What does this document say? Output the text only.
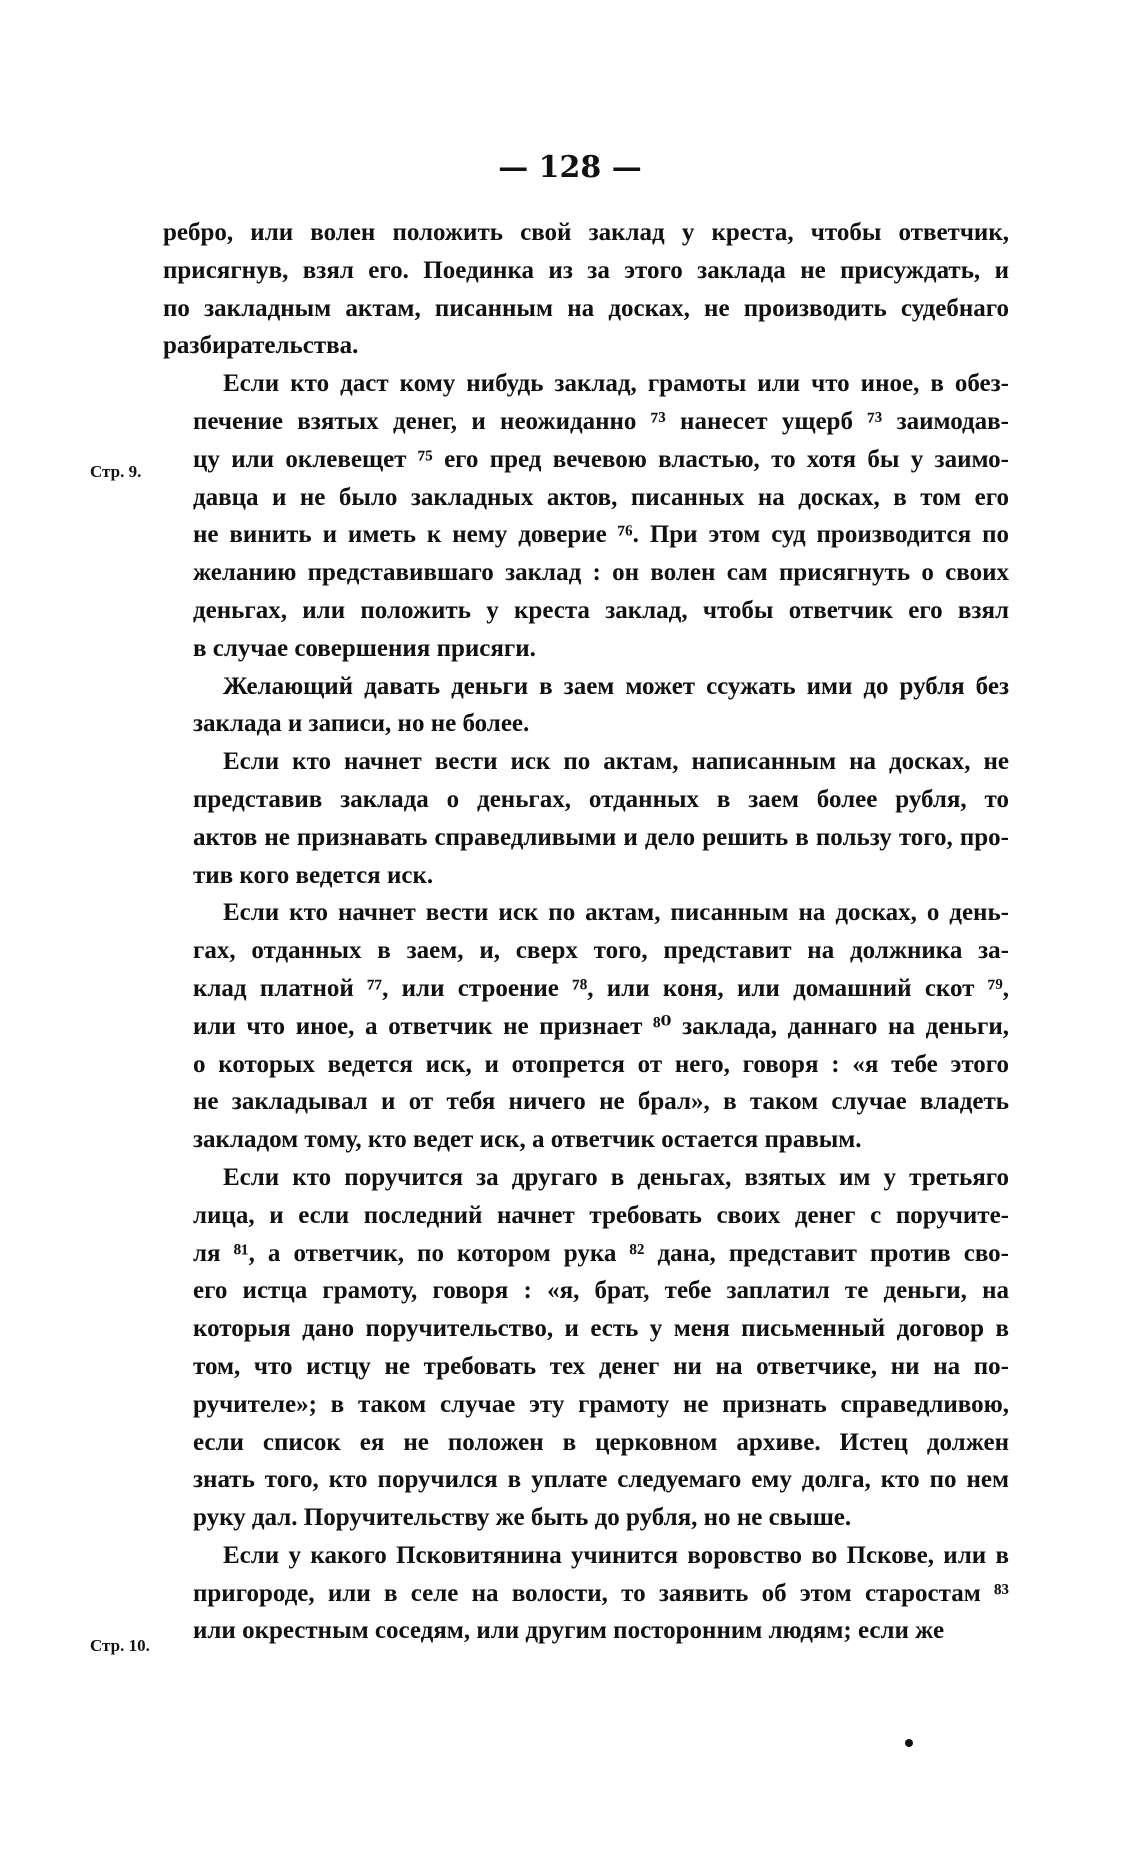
— 128 —
Стр. 9.
Стр. 10.
ребро, или волен положить свой заклад у креста, чтобы ответчик,
присягнув, взял его. Поединка из за этого заклада не присуждать, и
по закладным актам, писанным на досках, не производить судебнаго
разбирательства.
Если кто даст кому нибудь заклад, грамоты или что иное, в обез-
печение взятых денег, и неожиданно ⁷³ нанесет ущерб ⁷³ заимодав-
цу или оклевещет ⁷⁵ его пред вечевою властью, то хотя бы у заимо-
давца и не было закладных актов, писанных на досках, в том его
не винить и иметь к нему доверие ⁷⁶. При этом суд производится по
желанию представившаго заклад : он волен сам присягнуть о своих
деньгах, или положить у креста заклад, чтобы ответчик его взял
в случае совершения присяги.
Желающий давать деньги в заем может ссужать ими до рубля без
заклада и записи, но не более.
Если кто начнет вести иск по актам, написанным на досках, не
представив заклада о деньгах, отданных в заем более рубля, то
актов не признавать справедливыми и дело решить в пользу того, про-
тив кого ведется иск.
Если кто начнет вести иск по актам, писанным на досках, о день-
гах, отданных в заем, и, сверх того, представит на должника за-
клад платной ⁷⁷, или строение ⁷⁸, или коня, или домашний скот ⁷⁹,
или что иное, а ответчик не признает ⁸⁰ заклада, даннаго на деньги,
о которых ведется иск, и отопрется от него, говоря : «я тебе этого
не закладывал и от тебя ничего не брал», в таком случае владеть
закладом тому, кто ведет иск, а ответчик остается правым.
Если кто поручится за другаго в деньгах, взятых им у третьяго
лица, и если последний начнет требовать своих денег с поручите-
ля ⁸¹, а ответчик, по котором рука ⁸² дана, представит против сво-
его истца грамоту, говоря : «я, брат, тебе заплатил те деньги, на
которыя дано поручительство, и есть у меня письменный договор в
том, что истцу не требовать тех денег ни на ответчике, ни на по-
ручителе»; в таком случае эту грамоту не признать справедливою,
если список ея не положен в церковном архиве. Истец должен
знать того, кто поручился в уплате следуемаго ему долга, кто по нем
руку дал. Поручительству же быть до рубля, но не свыше.
Если у какого Псковитянина учинится воровство во Пскове, или в
пригороде, или в селе на волости, то заявить об этом старостам ⁸³
или окрестным соседям, или другим посторонним людям; если же
